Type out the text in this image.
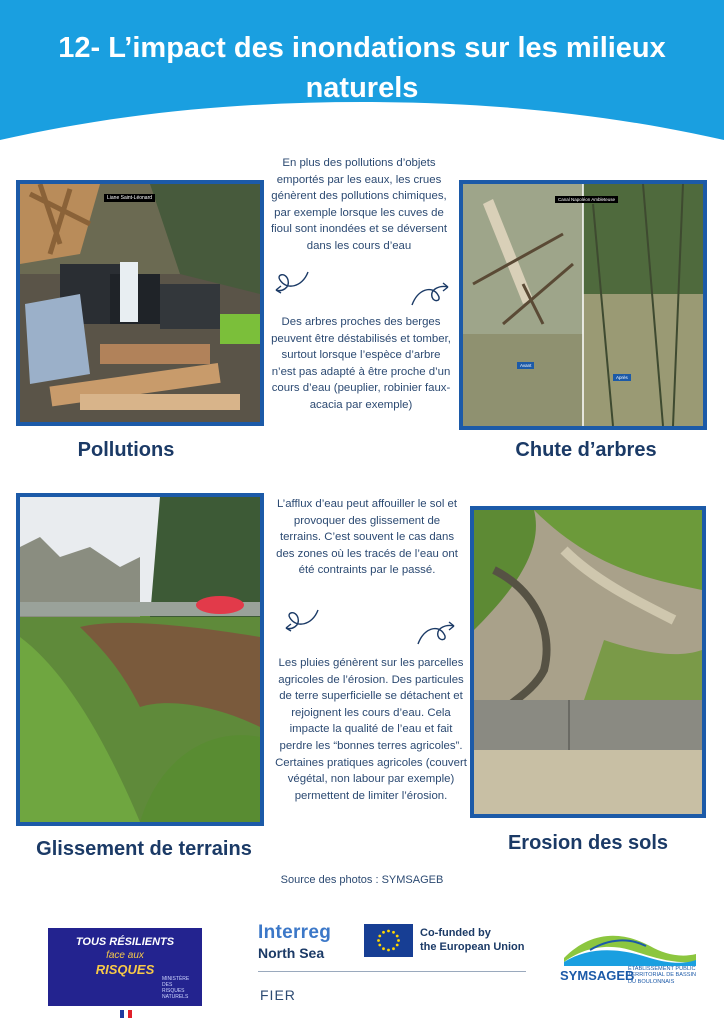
12- L’impact des inondations sur les milieux naturels
Liane Saint-Léonard
Pollutions
Canal Napoléon Ambleteuse
Avant
Après
Chute d’arbres

En plus des pollutions d’objets emportés par les eaux, les crues génèrent des pollutions chimiques, par exemple lorsque les cuves de fioul sont inondées et se déversent dans les cours d’eau

Des arbres proches des berges peuvent être déstabilisés et tomber, surtout lorsque l’espèce d’arbre n’est pas adapté à être proche d’un cours d’eau (peuplier, robinier faux-acacia par exemple)

Glissement de terrains	Erosion des sols

L’afflux d’eau peut affouiller le sol et provoquer des glissement de terrains. C’est souvent le cas dans des zones où les tracés de l’eau ont été contraints par le passé.

Les pluies génèrent sur les parcelles agricoles de l’érosion. Des particules de terre superficielle se détachent et rejoignent les cours d’eau. Cela impacte la qualité de l’eau et fait perdre les “bonnes terres agricoles”. Certaines pratiques agricoles (couvert végétal, non labour par exemple) permettent de limiter l’érosion.

Source des photos : SYMSAGEB
TOUS RÉSILIENTS
face aux
RISQUES
MINISTÈRE DES RISQUES NATURELS
Interreg
North Sea
Co-funded by
the European Union
FIER
SYMSAGEB
ÉTABLISSEMENT PUBLIC TERRITORIAL DE BASSIN DU BOULONNAIS
